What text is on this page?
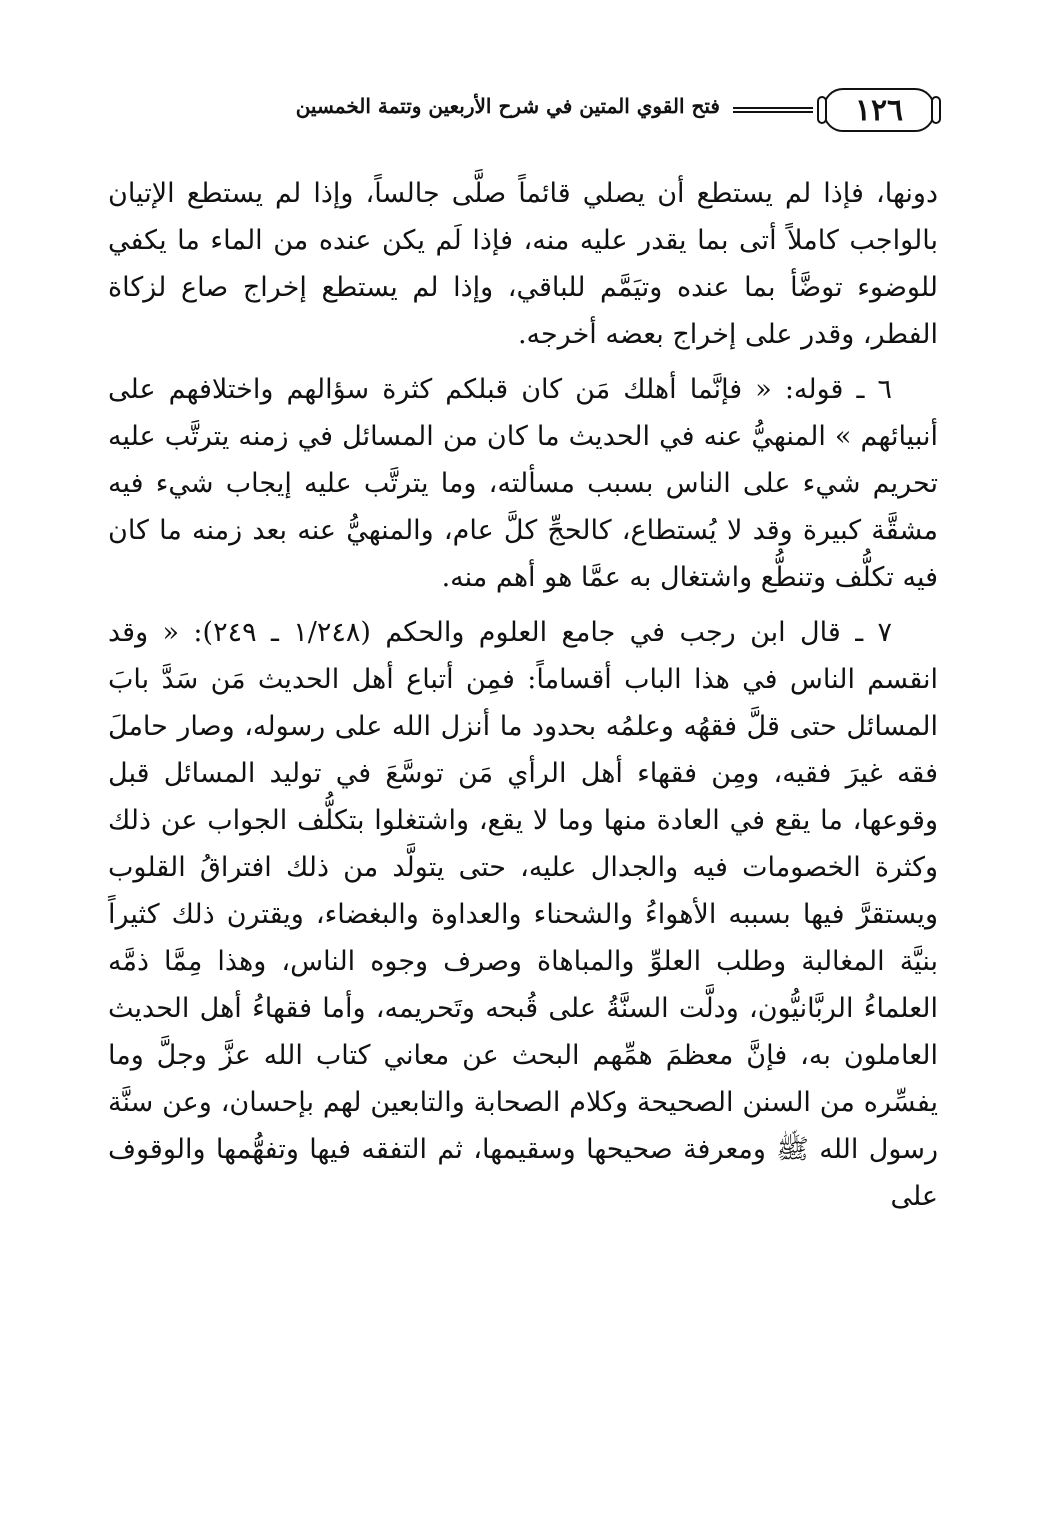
١٢٦
فتح القوي المتين في شرح الأربعين وتتمة الخمسين

دونها، فإذا لم يستطع أن يصلي قائماً صلَّى جالساً، وإذا لم يستطع الإتيان بالواجب كاملاً أتى بما يقدر عليه منه، فإذا لَم يكن عنده من الماء ما يكفي للوضوء توضَّأ بما عنده وتيَمَّم للباقي، وإذا لم يستطع إخراج صاع لزكاة الفطر، وقدر على إخراج بعضه أخرجه.

٦ ـ قوله: « فإنَّما أهلك مَن كان قبلكم كثرة سؤالهم واختلافهم على أنبيائهم » المنهيُّ عنه في الحديث ما كان من المسائل في زمنه يترتَّب عليه تحريم شيء على الناس بسبب مسألته، وما يترتَّب عليه إيجاب شيء فيه مشقَّة كبيرة وقد لا يُستطاع، كالحجِّ كلَّ عام، والمنهيُّ عنه بعد زمنه ما كان فيه تكلُّف وتنطُّع واشتغال به عمَّا هو أهم منه.

٧ ـ قال ابن رجب في جامع العلوم والحكم (١/٢٤٨ ـ ٢٤٩): « وقد انقسم الناس في هذا الباب أقساماً: فمِن أتباع أهل الحديث مَن سَدَّ بابَ المسائل حتى قلَّ فقهُه وعلمُه بحدود ما أنزل الله على رسوله، وصار حاملَ فقه غيرَ فقيه، ومِن فقهاء أهل الرأي مَن توسَّعَ في توليد المسائل قبل وقوعها، ما يقع في العادة منها وما لا يقع، واشتغلوا بتكلُّف الجواب عن ذلك وكثرة الخصومات فيه والجدال عليه، حتى يتولَّد من ذلك افتراقُ القلوب ويستقرَّ فيها بسببه الأهواءُ والشحناء والعداوة والبغضاء، ويقترن ذلك كثيراً بنيَّة المغالبة وطلب العلوِّ والمباهاة وصرف وجوه الناس، وهذا مِمَّا ذمَّه العلماءُ الربَّانيُّون، ودلَّت السنَّةُ على قُبحه وتَحريمه، وأما فقهاءُ أهل الحديث العاملون به، فإنَّ معظمَ همِّهم البحث عن معاني كتاب الله عزَّ وجلَّ وما يفسِّره من السنن الصحيحة وكلام الصحابة والتابعين لهم بإحسان، وعن سنَّة رسول الله ﷺ ومعرفة صحيحها وسقيمها، ثم التفقه فيها وتفهُّمها والوقوف على
